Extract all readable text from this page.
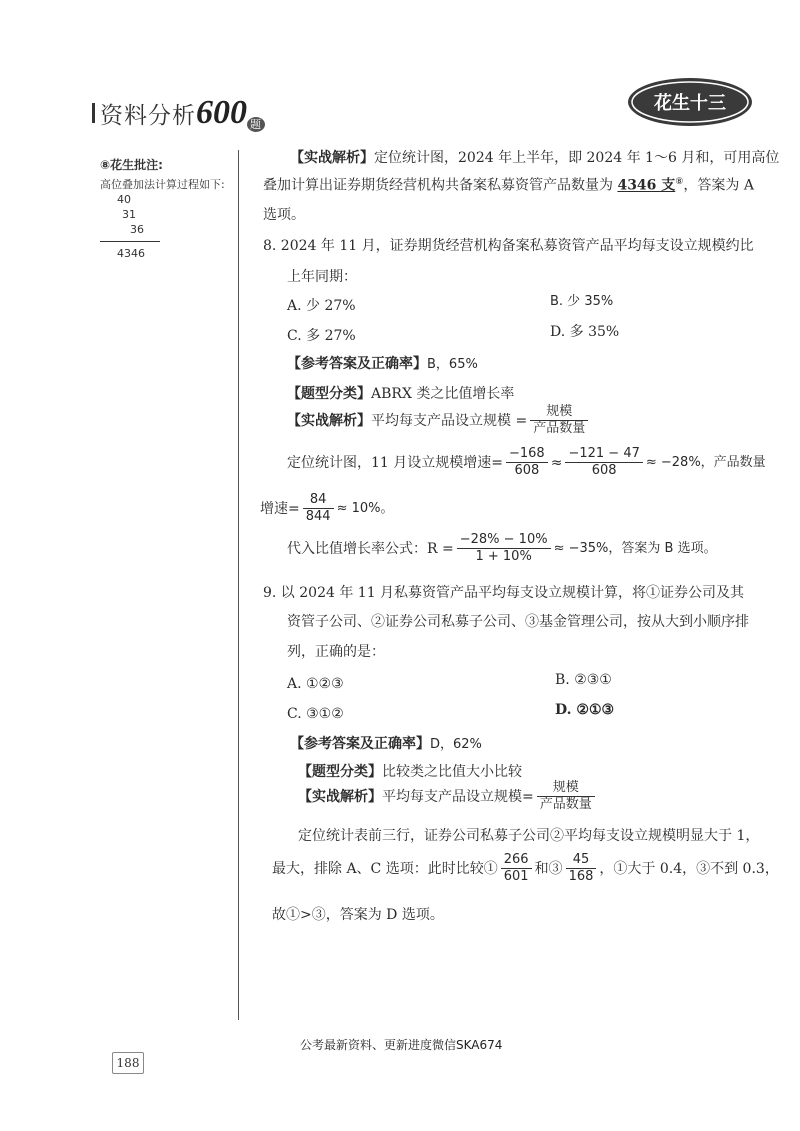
资料分析600 题
花生十三
⑧花生批注:
高位叠加法计算过程如下:
40
31
36
4346
【实战解析】定位统计图，2024 年上半年，即 2024 年 1～6 月和，可用高位
叠加计算出证券期货经营机构共备案私募资管产品数量为 4346 支⑧，答案为 A
选项。
8. 2024 年 11 月，证券期货经营机构备案私募资管产品平均每支设立规模约比
上年同期：
A. 少 27%	B. 少 35%
C. 多 27%	D. 多 35%
【参考答案及正确率】B，65%
【题型分类】ABRX 类之比值增长率
【实战解析】 平均每支产品设立规模 = $\frac{\text{规模}}{\text{产品数量}}$
定位统计图，11 月设立规模增速= $\frac{-168}{608} \approx \frac{-121 - 47}{608} \approx -28\%$，产品数量
增速= $\frac{84}{844} \approx 10\%$。
代入比值增长率公式：$R = \frac{-28\% - 10\%}{1 + 10\%} \approx -35\%$，答案为 B 选项。
9. 以 2024 年 11 月私募资管产品平均每支设立规模计算，将①证券公司及其
资管子公司、②证券公司私募子公司、③基金管理公司，按从大到小顺序排
列，正确的是：
A. ①②③	B. ②③①
C. ③①②	D. ②①③
【参考答案及正确率】D，62%
【题型分类】比较类之比值大小比较
【实战解析】 平均每支产品设立规模= $\frac{\text{规模}}{\text{产品数量}}$
定位统计表前三行，证券公司私募子公司②平均每支设立规模明显大于 1，
最大，排除 A、C 选项：此时比较① $\frac{266}{601}$ 和③ $\frac{45}{168}$ ，①大于 0.4，③不到 0.3，
故①>③，答案为 D 选项。
公考最新资料、更新进度微信SKA674
188
